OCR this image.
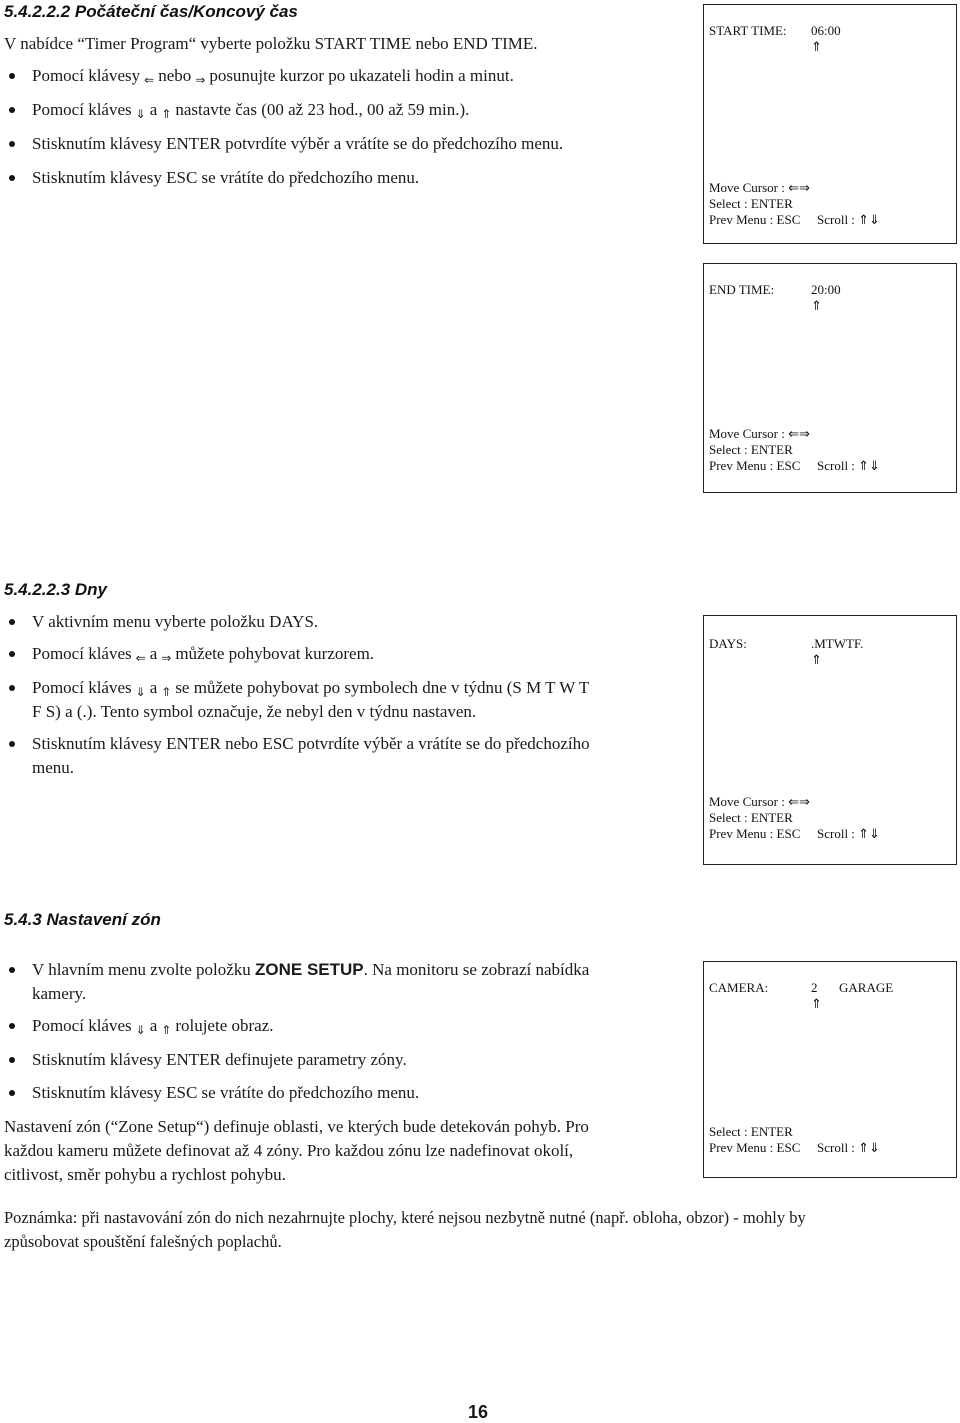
5.4.2.2.2 Počáteční čas/Koncový čas
V nabídce “Timer Program“ vyberte položku START TIME nebo END TIME.
Pomocí klávesy ⇐ nebo ⇒ posunujte kurzor po ukazateli hodin a minut.
Pomocí kláves ⇓ a ⇑ nastavte čas (00 až 23 hod., 00 až 59 min.).
Stisknutím klávesy ENTER potvrdíte výběr a vrátíte se do předchozího menu.
Stisknutím klávesy ESC se vrátíte do předchozího menu.
START TIME: 06:00
⇑
Move Cursor : ⇐⇒
Select : ENTER
Prev Menu : ESC Scroll : ⇑⇓
END TIME:	20:00
⇑
Move Cursor : ⇐⇒
Select : ENTER
Prev Menu : ESC Scroll : ⇑⇓
5.4.2.2.3 Dny
V aktivním menu vyberte položku DAYS.
Pomocí kláves ⇐ a ⇒ můžete pohybovat kurzorem.
Pomocí kláves ⇓ a ⇑ se můžete pohybovat po symbolech dne v týdnu (S M T W T
F S) a (.). Tento symbol označuje, že nebyl den v týdnu nastaven.
Stisknutím klávesy ENTER nebo ESC potvrdíte výběr a vrátíte se do předchozího
menu.
DAYS:	.MTWTF.
⇑
Move Cursor : ⇐⇒
Select : ENTER
Prev Menu : ESC Scroll : ⇑⇓
5.4.3 Nastavení zón
V hlavním menu zvolte položku ZONE SETUP. Na monitoru se zobrazí nabídka
kamery.
Pomocí kláves ⇓ a ⇑ rolujete obraz.
Stisknutím klávesy ENTER definujete parametry zóny.
Stisknutím klávesy ESC se vrátíte do předchozího menu.
Nastavení zón (“Zone Setup“) definuje oblasti, ve kterých bude detekován pohyb. Pro
každou kameru můžete definovat až 4 zóny. Pro každou zónu lze nadefinovat okolí,
citlivost, směr pohybu a rychlost pohybu.
Poznámka: při nastavování zón do nich nezahrnujte plochy, které nejsou nezbytně nutné (např. obloha, obzor) - mohly by
způsobovat spouštění falešných poplachů.
CAMERA:	2 GARAGE
⇑
Select : ENTER
Prev Menu : ESC Scroll : ⇑⇓
16
